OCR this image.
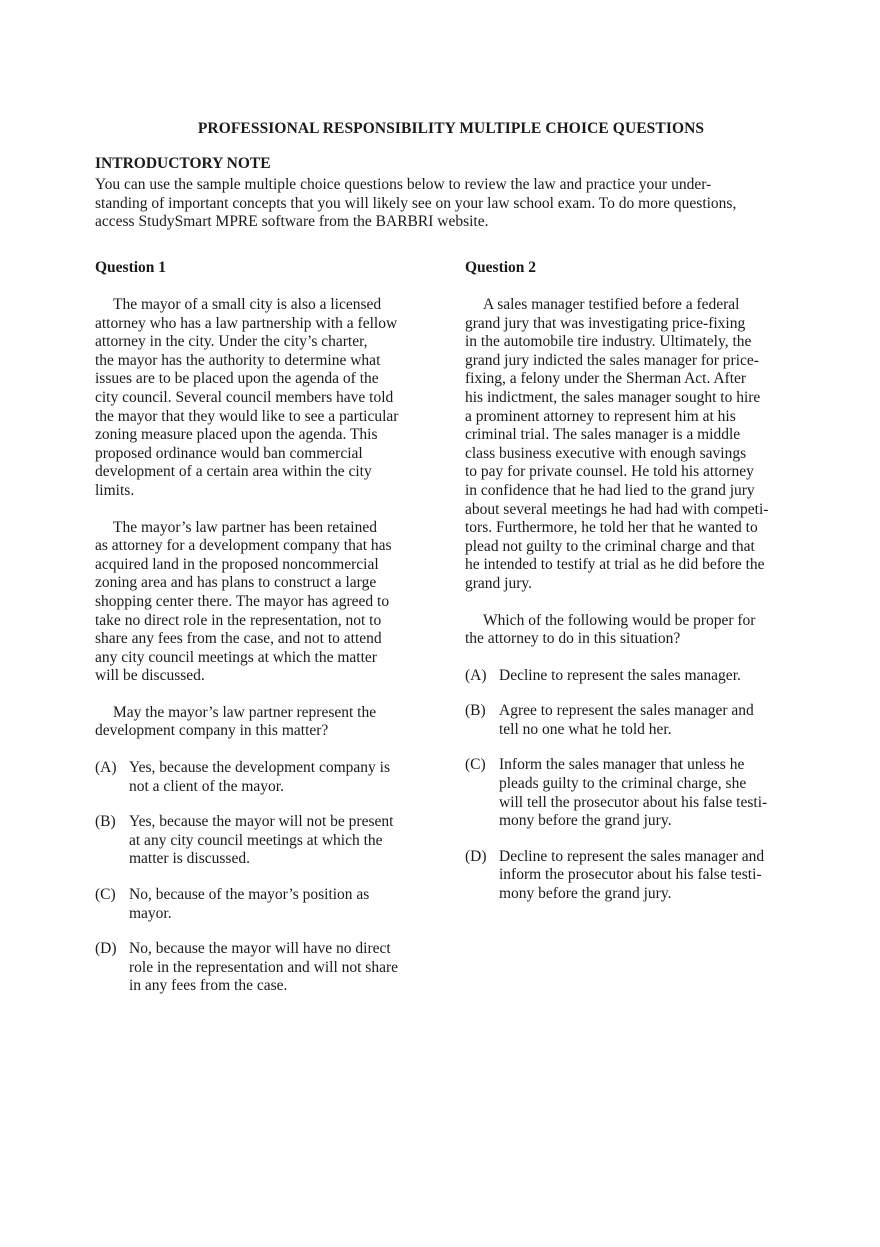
PROFESSIONAL RESPONSIBILITY MULTIPLE CHOICE QUESTIONS
INTRODUCTORY NOTE
You can use the sample multiple choice questions below to review the law and practice your under-
standing of important concepts that you will likely see on your law school exam. To do more questions,
access StudySmart MPRE software from the BARBRI website.
Question 1
The mayor of a small city is also a licensed
attorney who has a law partnership with a fellow
attorney in the city. Under the city’s charter,
the mayor has the authority to determine what
issues are to be placed upon the agenda of the
city council. Several council members have told
the mayor that they would like to see a particular
zoning measure placed upon the agenda. This
proposed ordinance would ban commercial
development of a certain area within the city
limits.
The mayor’s law partner has been retained
as attorney for a development company that has
acquired land in the proposed noncommercial
zoning area and has plans to construct a large
shopping center there. The mayor has agreed to
take no direct role in the representation, not to
share any fees from the case, and not to attend
any city council meetings at which the matter
will be discussed.
May the mayor’s law partner represent the
development company in this matter?
(A) Yes, because the development company is
not a client of the mayor.
(B) Yes, because the mayor will not be present
at any city council meetings at which the
matter is discussed.
(C) No, because of the mayor’s position as
mayor.
(D) No, because the mayor will have no direct
role in the representation and will not share
in any fees from the case.
Question 2
A sales manager testified before a federal
grand jury that was investigating price-fixing
in the automobile tire industry. Ultimately, the
grand jury indicted the sales manager for price-
fixing, a felony under the Sherman Act. After
his indictment, the sales manager sought to hire
a prominent attorney to represent him at his
criminal trial. The sales manager is a middle
class business executive with enough savings
to pay for private counsel. He told his attorney
in confidence that he had lied to the grand jury
about several meetings he had had with competi-
tors. Furthermore, he told her that he wanted to
plead not guilty to the criminal charge and that
he intended to testify at trial as he did before the
grand jury.
Which of the following would be proper for
the attorney to do in this situation?
(A) Decline to represent the sales manager.
(B) Agree to represent the sales manager and
tell no one what he told her.
(C) Inform the sales manager that unless he
pleads guilty to the criminal charge, she
will tell the prosecutor about his false testi-
mony before the grand jury.
(D) Decline to represent the sales manager and
inform the prosecutor about his false testi-
mony before the grand jury.
